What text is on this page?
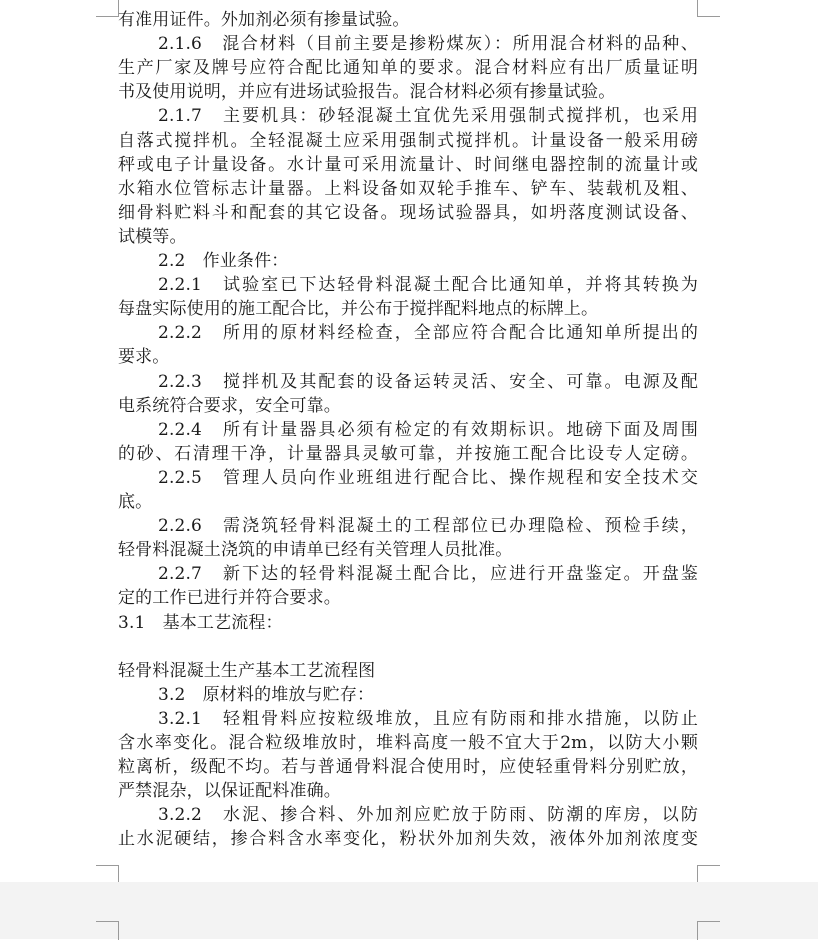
有准用证件。外加剂必须有掺量试验。
2.1.6　混合材料（目前主要是掺粉煤灰）：所用混合材料的品种、
生产厂家及牌号应符合配比通知单的要求。混合材料应有出厂质量证明
书及使用说明，并应有进场试验报告。混合材料必须有掺量试验。
2.1.7　主要机具：砂轻混凝土宜优先采用强制式搅拌机，也采用
自落式搅拌机。全轻混凝土应采用强制式搅拌机。计量设备一般采用磅
秤或电子计量设备。水计量可采用流量计、时间继电器控制的流量计或
水箱水位管标志计量器。上料设备如双轮手推车、铲车、装载机及粗、
细骨料贮料斗和配套的其它设备。现场试验器具，如坍落度测试设备、
试模等。
2.2　作业条件：
2.2.1　试验室已下达轻骨料混凝土配合比通知单，并将其转换为
每盘实际使用的施工配合比，并公布于搅拌配料地点的标牌上。
2.2.2　所用的原材料经检查，全部应符合配合比通知单所提出的
要求。
2.2.3　搅拌机及其配套的设备运转灵活、安全、可靠。电源及配
电系统符合要求，安全可靠。
2.2.4　所有计量器具必须有检定的有效期标识。地磅下面及周围
的砂、石清理干净，计量器具灵敏可靠，并按施工配合比设专人定磅。
2.2.5　管理人员向作业班组进行配合比、操作规程和安全技术交
底。
2.2.6　需浇筑轻骨料混凝土的工程部位已办理隐检、预检手续，
轻骨料混凝土浇筑的申请单已经有关管理人员批准。
2.2.7　新下达的轻骨料混凝土配合比，应进行开盘鉴定。开盘鉴
定的工作已进行并符合要求。
3.1　基本工艺流程：
轻骨料混凝土生产基本工艺流程图
3.2　原材料的堆放与贮存：
3.2.1　轻粗骨料应按粒级堆放，且应有防雨和排水措施，以防止
含水率变化。混合粒级堆放时，堆料高度一般不宜大于2m，以防大小颗
粒离析，级配不均。若与普通骨料混合使用时，应使轻重骨料分别贮放，
严禁混杂，以保证配料准确。
3.2.2　水泥、掺合料、外加剂应贮放于防雨、防潮的库房，以防
止水泥硬结，掺合料含水率变化，粉状外加剂失效，液体外加剂浓度变
